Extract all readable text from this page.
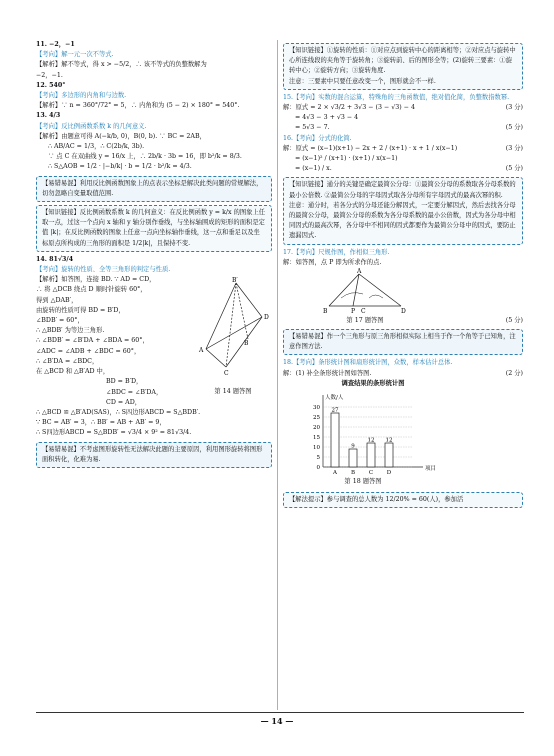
11. −2，−1
【考向】解一元一次不等式.
【解析】解不等式，得 x > −5/2，∴ 该不等式的负整数解为
−2，−1.
12. 540°
【考向】多边形的内角和与边数.
【解析】∵ n = 360°/72° = 5，∴ 内角和为 (5 − 2) × 180° = 540°.
13. 4/3
【考向】反比例函数系数 k 的几何意义.
【解析】由题意可得 A(−k/b, 0)，B(0, b). ∵ BC = 2AB，
∴ AB/AC = 1/3，∴ C(2b/k, 3b).
∵ 点 C 在双曲线 y = 16/x 上，∴ 2b/k · 3b = 16，即 b²/k = 8/3.
∴ S△AOB = 1/2 · |−b/k| · b = 1/2 · b²/k = 4/3.
【易错易混】利用反比例函数图象上的点表示坐标是解决此类问题的常规解法，切勿忽略自变量取值范围.
【知识链接】反比例函数系数 k 的几何意义：在反比例函数 y = k/x 的图象上任取一点，过这一个点向 x 轴和 y 轴分别作垂线，与坐标轴围成的矩形的面积是定值 |k|；在反比例函数的图象上任意一点向坐标轴作垂线，这一点和垂足以及坐标原点所构成的三角形的面积是 1/2|k|，且保持不变.
14. 81√3/4
【考向】旋转的性质、全等三角形的判定与性质.
【解析】如答图，连接 BD. ∵ AD = CD，
∴ 将 △DCB 绕点 D 顺时针旋转 60°，
得到 △DAB′，
由旋转的性质可得 BD = B′D，
∠BDB′ = 60°，
∴ △BDB′ 为等边三角形.
∴ ∠BDB′ = ∠B′DA + ∠BDA = 60°，
∠ADC = ∠ADB + ∠BDC = 60°，
∴ ∠B′DA = ∠BDC，
在 △BCD 和 △B′AD 中，
BD = B′D，
∠BDC = ∠B′DA，
CD = AD，
∴ △BCD ≌ △B′AD(SAS)，∴ S四边形ABCD = S△BDB′.
∵ BC = AB′ = 3，∴ BB′ = AB + AB′ = 9，
∴ S四边形ABCD = S△BDB′ = √3/4 × 9² = 81√3/4.
B′
D
A
C
B
第 14 题答图
【易错易混】不考虑图形旋转性无法解决此题的主要原因，利用图形旋转将图形面积转化，化难为易.
【知识链接】①旋转的性质：①对应点到旋转中心的距离相等；②对应点与旋转中心所连线段的夹角等于旋转角；③旋转前、后的图形全等；(2)旋转三要素：①旋转中心；②旋转方向；③旋转角度.
注意：三要素中只要任意改变一个，图形就会不一样.
15.【考向】实数的混合运算，特殊角的三角函数值，绝对值化简，负整数指数幂.
解：原式 = 2 × √3/2 + 3√3 − (3 − √3) − 4	(3 分)
= 4√3 − 3 + √3 − 4
= 5√3 − 7.	(5 分)
16.【考向】分式的化简.
解：原式 = (x−1)(x+1) − 2x + 2 / (x+1) · x + 1 / x(x−1)	(3 分)
= (x−1)² / (x+1) · (x+1) / x(x−1)
= (x−1) / x.	(5 分)
【知识链接】通分的关键是确定最简公分母：①最简公分母的系数取各分母系数的最小公倍数. ②最简公分母的字母因式取各分母所有字母因式的最高次幂的积.
注意：通分时，若各分式的分母还能分解因式，一定要分解因式，然后去找各分母的最简公分母，最简公分母的系数为各分母系数的最小公倍数，因式为各分母中相同因式的最高次幂，各分母中不相同的因式都要作为最简公分母中的因式，要防止遗漏因式.
17.【考向】尺规作图，作相似三角形.
解：如答图，点 P 即为所求作的点.
A
B	P C	D
第 17 题答图	(5 分)
【易错易混】作一个三角形与原三角形相似实际上相当于作一个角等于已知角，注意作图方法.
18.【考向】条形统计图和扇形统计图，众数，样本估计总体.
解：(1) 补全条形统计图如答图.	(2 分)
调查结果的条形统计图
人数/人
项目
0
5
10
15
20
25
30 27
A
9
B
12
C
12
D
第 18 题答图
【解法提示】参与调查的总人数为 12/20% = 60(人)，参加活
— 14 —
